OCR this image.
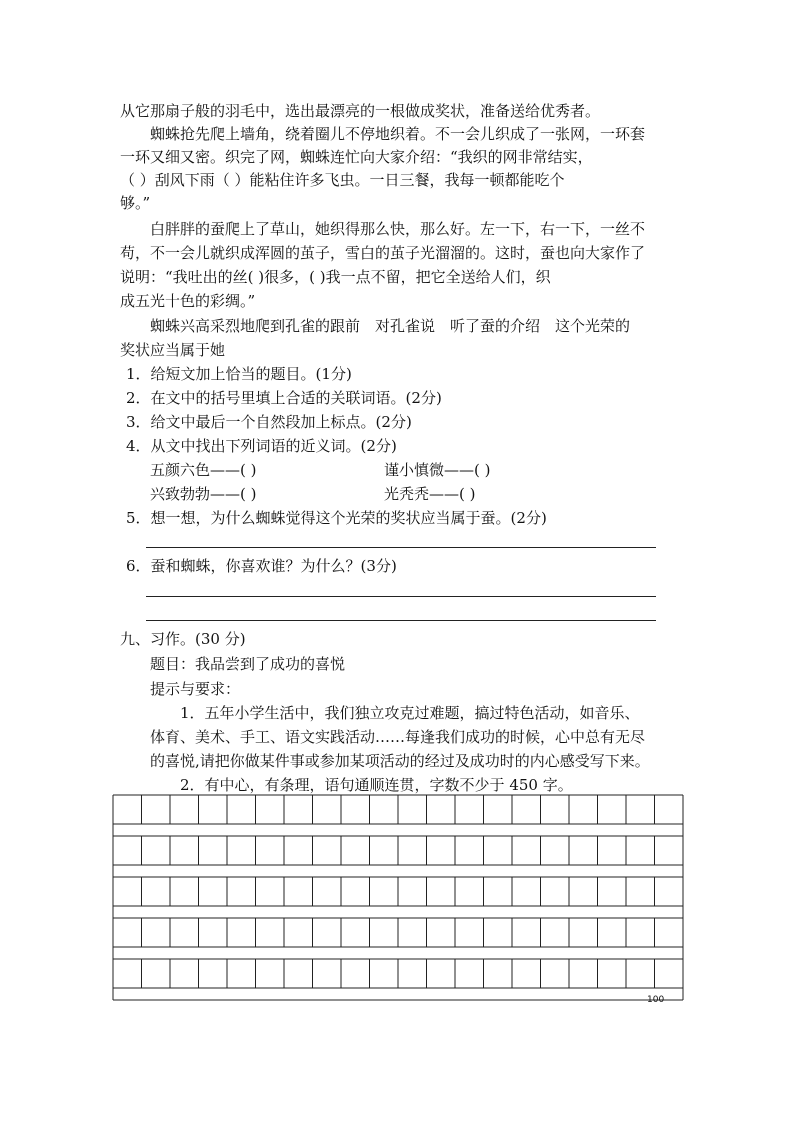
从它那扇子般的羽毛中，选出最漂亮的一根做成奖状，准备送给优秀者。
蜘蛛抢先爬上墙角，绕着圈儿不停地织着。不一会儿织成了一张网，一环套
一环又细又密。织完了网，蜘蛛连忙向大家介绍：“我织的网非常结实，
（ ）刮风下雨（ ）能粘住许多飞虫。一日三餐，我每一顿都能吃个
够。”
白胖胖的蚕爬上了草山，她织得那么快，那么好。左一下，右一下，一丝不
苟，不一会儿就织成浑圆的茧子，雪白的茧子光溜溜的。这时，蚕也向大家作了
说明：“我吐出的丝( )很多，( )我一点不留，把它全送给人们，织
成五光十色的彩绸。”
蜘蛛兴高采烈地爬到孔雀的跟前　对孔雀说　听了蚕的介绍　这个光荣的
奖状应当属于她
1．给短文加上恰当的题目。(1分)
2．在文中的括号里填上合适的关联词语。(2分)
3．给文中最后一个自然段加上标点。(2分)
4．从文中找出下列词语的近义词。(2分)
五颜六色——( )	谨小慎微——( )
兴致勃勃——( )	光秃秃——( )
5．想一想，为什么蜘蛛觉得这个光荣的奖状应当属于蚕。(2分)
6．蚕和蜘蛛，你喜欢谁？为什么？(3分)
九、习作。(30 分)
题目：我品尝到了成功的喜悦
提示与要求：
1．五年小学生活中，我们独立攻克过难题，搞过特色活动，如音乐、
体育、美术、手工、语文实践活动……每逢我们成功的时候，心中总有无尽
的喜悦,请把你做某件事或参加某项活动的经过及成功时的内心感受写下来。
2．有中心，有条理，语句通顺连贯，字数不少于 450 字。
100
